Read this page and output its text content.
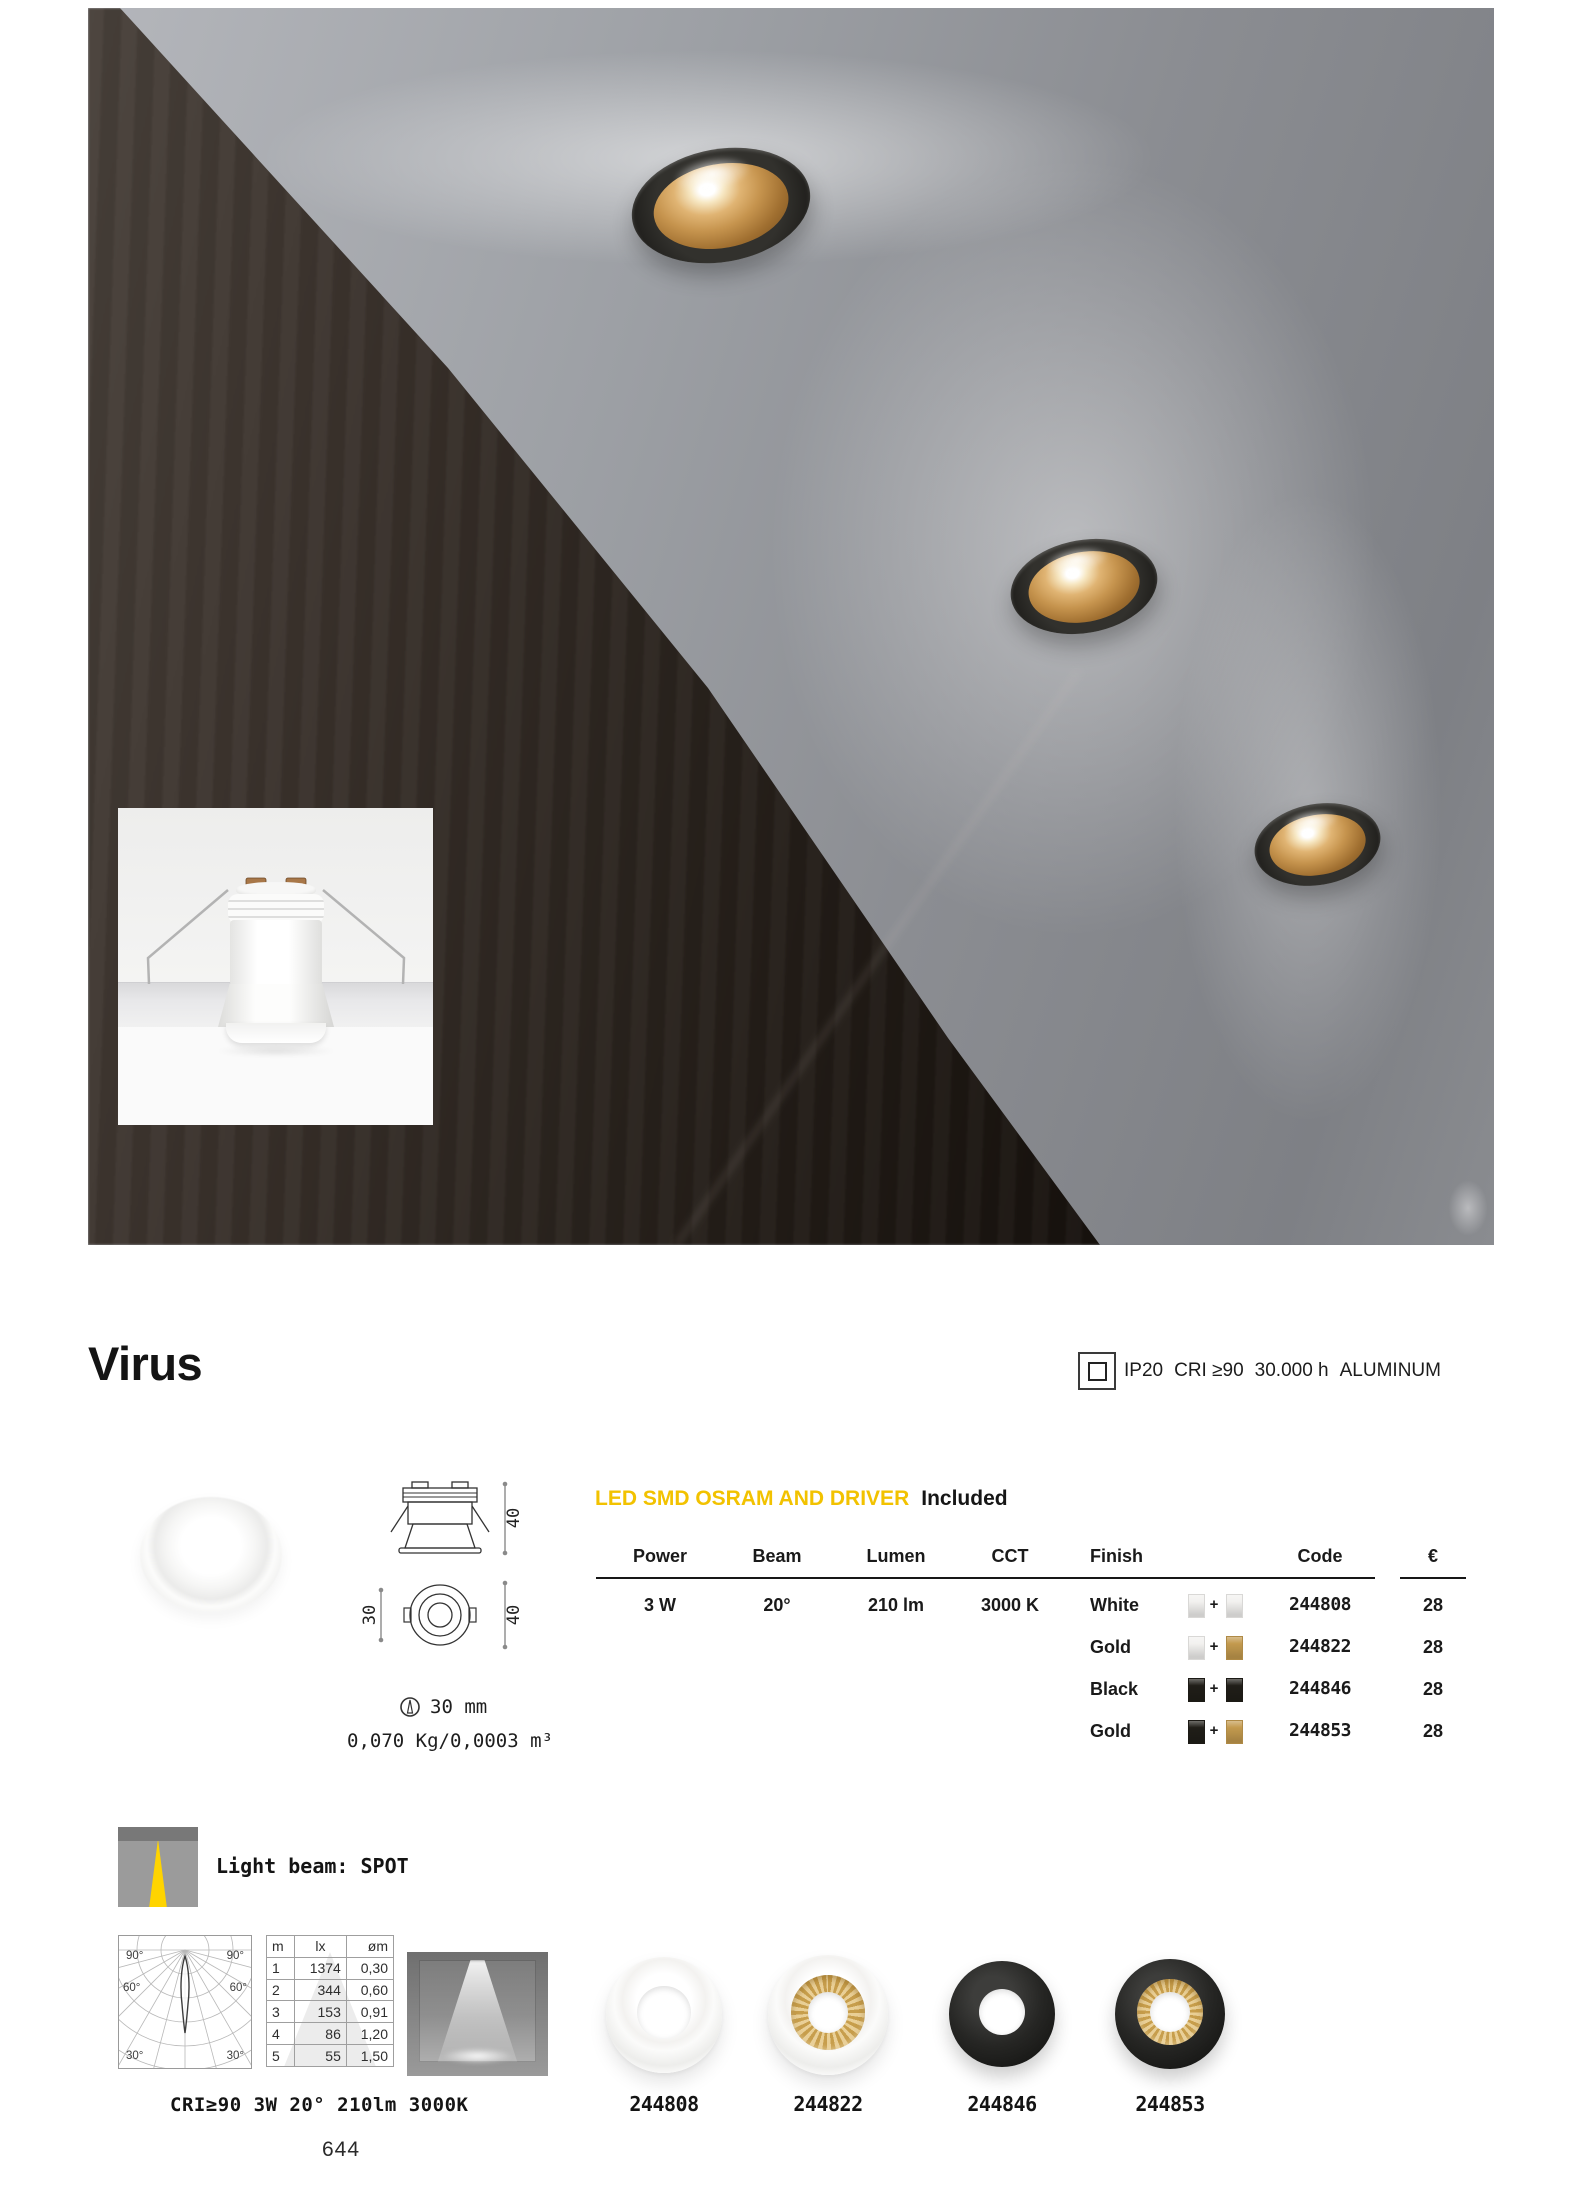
Virus	IP20 CRI ≥90 30.000 h ALUMINUM
40
30	40
30 mm
0,070 Kg/0,0003 m³
LED SMD OSRAM AND DRIVER Included
Power	Beam	Lumen	CCT	Finish	Code	€
3 W	20°	210 lm	3000 K	White	+	244808	28
Gold	+	244822	28
Black	+	244846	28
Gold	+	244853	28
Light beam: SPOT
90°	90°
60°	60°
30°	30°
m	lx	øm
1	1374	0,30
2	344	0,60
3	153	0,91
4	86	1,20
5	55	1,50
CRI≥90 3W 20° 210lm 3000K	244808	244822	244846	244853
644
